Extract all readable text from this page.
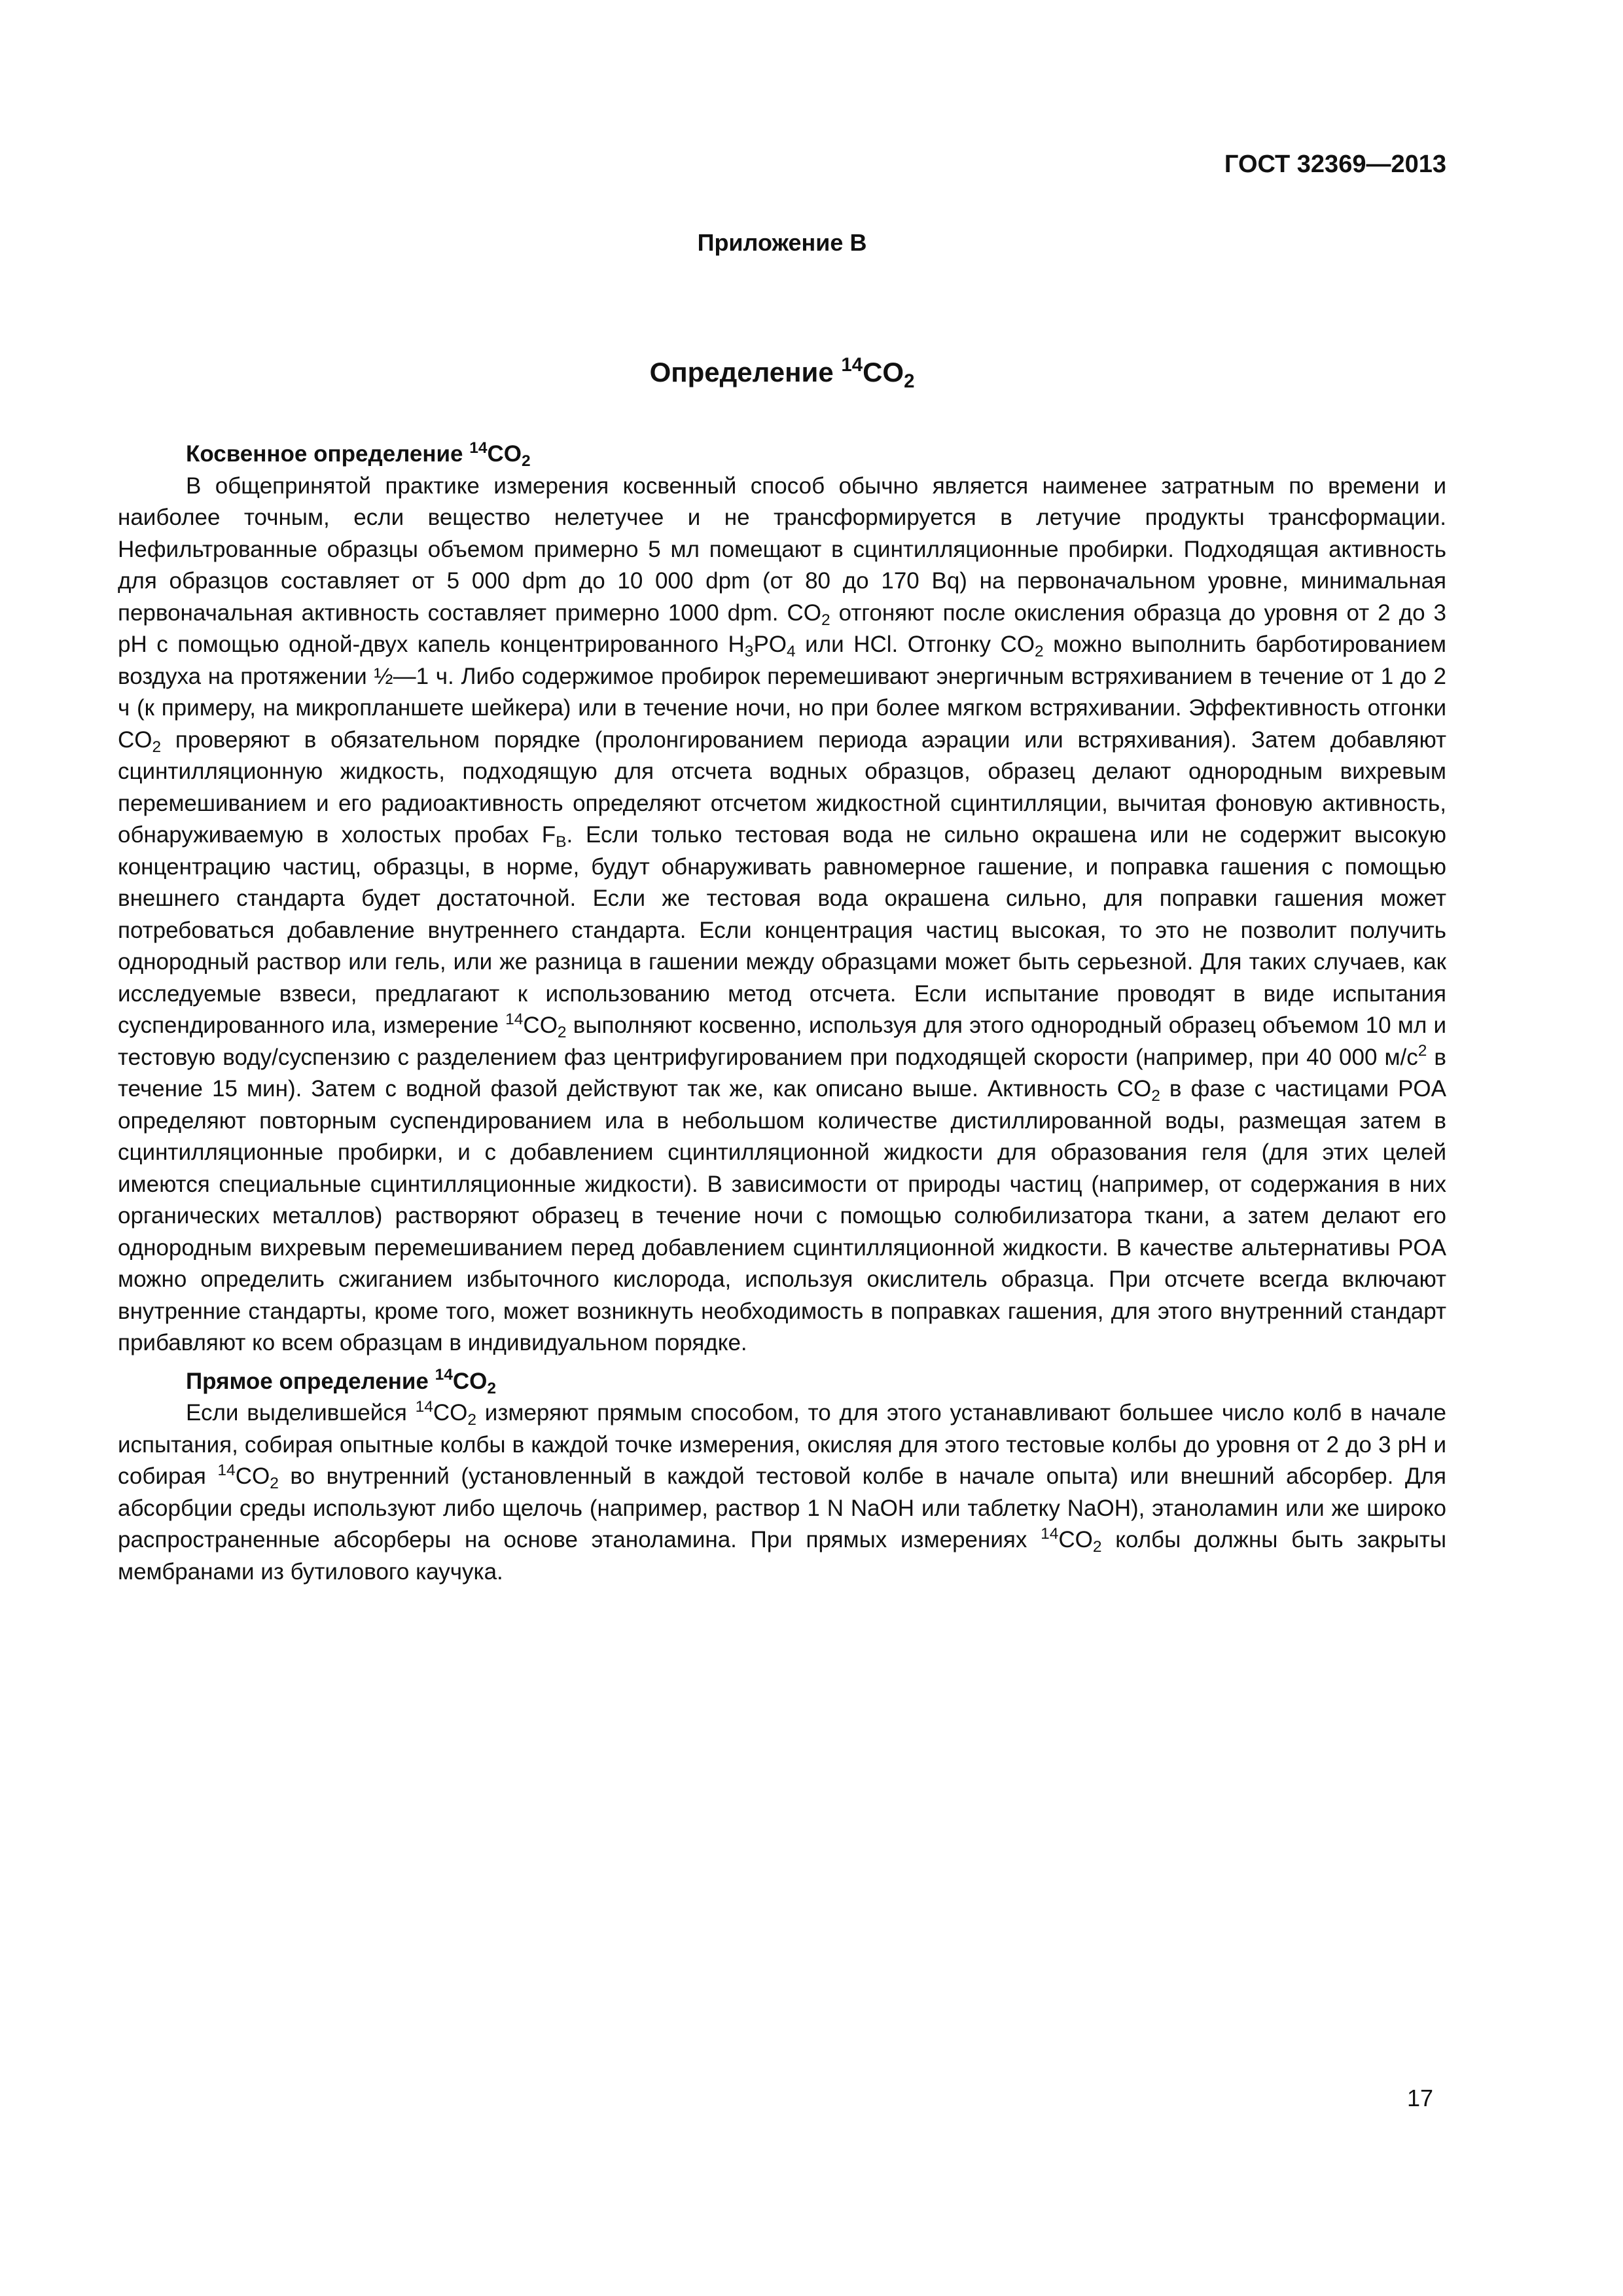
ГОСТ 32369—2013

Приложение В

Определение $^{14}CO_2$
Косвенное определение $^{14}CO_2$

В общепринятой практике измерения косвенный способ обычно является наименее затратным по времени и наиболее точным, если вещество нелетучее и не трансформируется в летучие продукты трансформации. Нефильтрованные образцы объемом примерно 5 мл помещают в сцинтилляционные пробирки. Подходящая активность для образцов составляет от 5 000 dpm до 10 000 dpm (от 80 до 170 Bq) на первоначальном уровне, минимальная первоначальная активность составляет примерно 1000 dpm. $CO_2$ отгоняют после окисления образца до уровня от 2 до 3 pH с помощью одной-двух капель концентрированного $H_3PO_4$ или HCl. Отгонку $CO_2$ можно выполнить барботированием воздуха на протяжении ½—1 ч. Либо содержимое пробирок перемешивают энергичным встряхиванием в течение от 1 до 2 ч (к примеру, на микропланшете шейкера) или в течение ночи, но при более мягком встряхивании. Эффективность отгонки $CO_2$ проверяют в обязательном порядке (пролонгированием периода аэрации или встряхивания). Затем добавляют сцинтилляционную жидкость, подходящую для отсчета водных образцов, образец делают однородным вихревым перемешиванием и его радиоактивность определяют отсчетом жидкостной сцинтилляции, вычитая фоновую активность, обнаруживаемую в холостых пробах $F_B$. Если только тестовая вода не сильно окрашена или не содержит высокую концентрацию частиц, образцы, в норме, будут обнаруживать равномерное гашение, и поправка гашения с помощью внешнего стандарта будет достаточной. Если же тестовая вода окрашена сильно, для поправки гашения может потребоваться добавление внутреннего стандарта. Если концентрация частиц высокая, то это не позволит получить однородный раствор или гель, или же разница в гашении между образцами может быть серьезной. Для таких случаев, как исследуемые взвеси, предлагают к использованию метод отсчета. Если испытание проводят в виде испытания суспендированного ила, измерение $^{14}CO_2$ выполняют косвенно, используя для этого однородный образец объемом 10 мл и тестовую воду/суспензию с разделением фаз центрифугированием при подходящей скорости (например, при 40 000 $м/с^2$ в течение 15 мин). Затем с водной фазой действуют так же, как описано выше. Активность $CO_2$ в фазе с частицами POA определяют повторным суспендированием ила в небольшом количестве дистиллированной воды, размещая затем в сцинтилляционные пробирки, и с добавлением сцинтилляционной жидкости для образования геля (для этих целей имеются специальные сцинтилляционные жидкости). В зависимости от природы частиц (например, от содержания в них органических металлов) растворяют образец в течение ночи с помощью солюбилизатора ткани, а затем делают его однородным вихревым перемешиванием перед добавлением сцинтилляционной жидкости. В качестве альтернативы POA можно определить сжиганием избыточного кислорода, используя окислитель образца. При отсчете всегда включают внутренние стандарты, кроме того, может возникнуть необходимость в поправках гашения, для этого внутренний стандарт прибавляют ко всем образцам в индивидуальном порядке.

Прямое определение $^{14}CO_2$

Если выделившейся $^{14}CO_2$ измеряют прямым способом, то для этого устанавливают большее число колб в начале испытания, собирая опытные колбы в каждой точке измерения, окисляя для этого тестовые колбы до уровня от 2 до 3 pH и собирая $^{14}CO_2$ во внутренний (установленный в каждой тестовой колбе в начале опыта) или внешний абсорбер. Для абсорбции среды используют либо щелочь (например, раствор 1 N NaOH или таблетку NaOH), этаноламин или же широко распространенные абсорберы на основе этаноламина. При прямых измерениях $^{14}CO_2$ колбы должны быть закрыты мембранами из бутилового каучука.

17
